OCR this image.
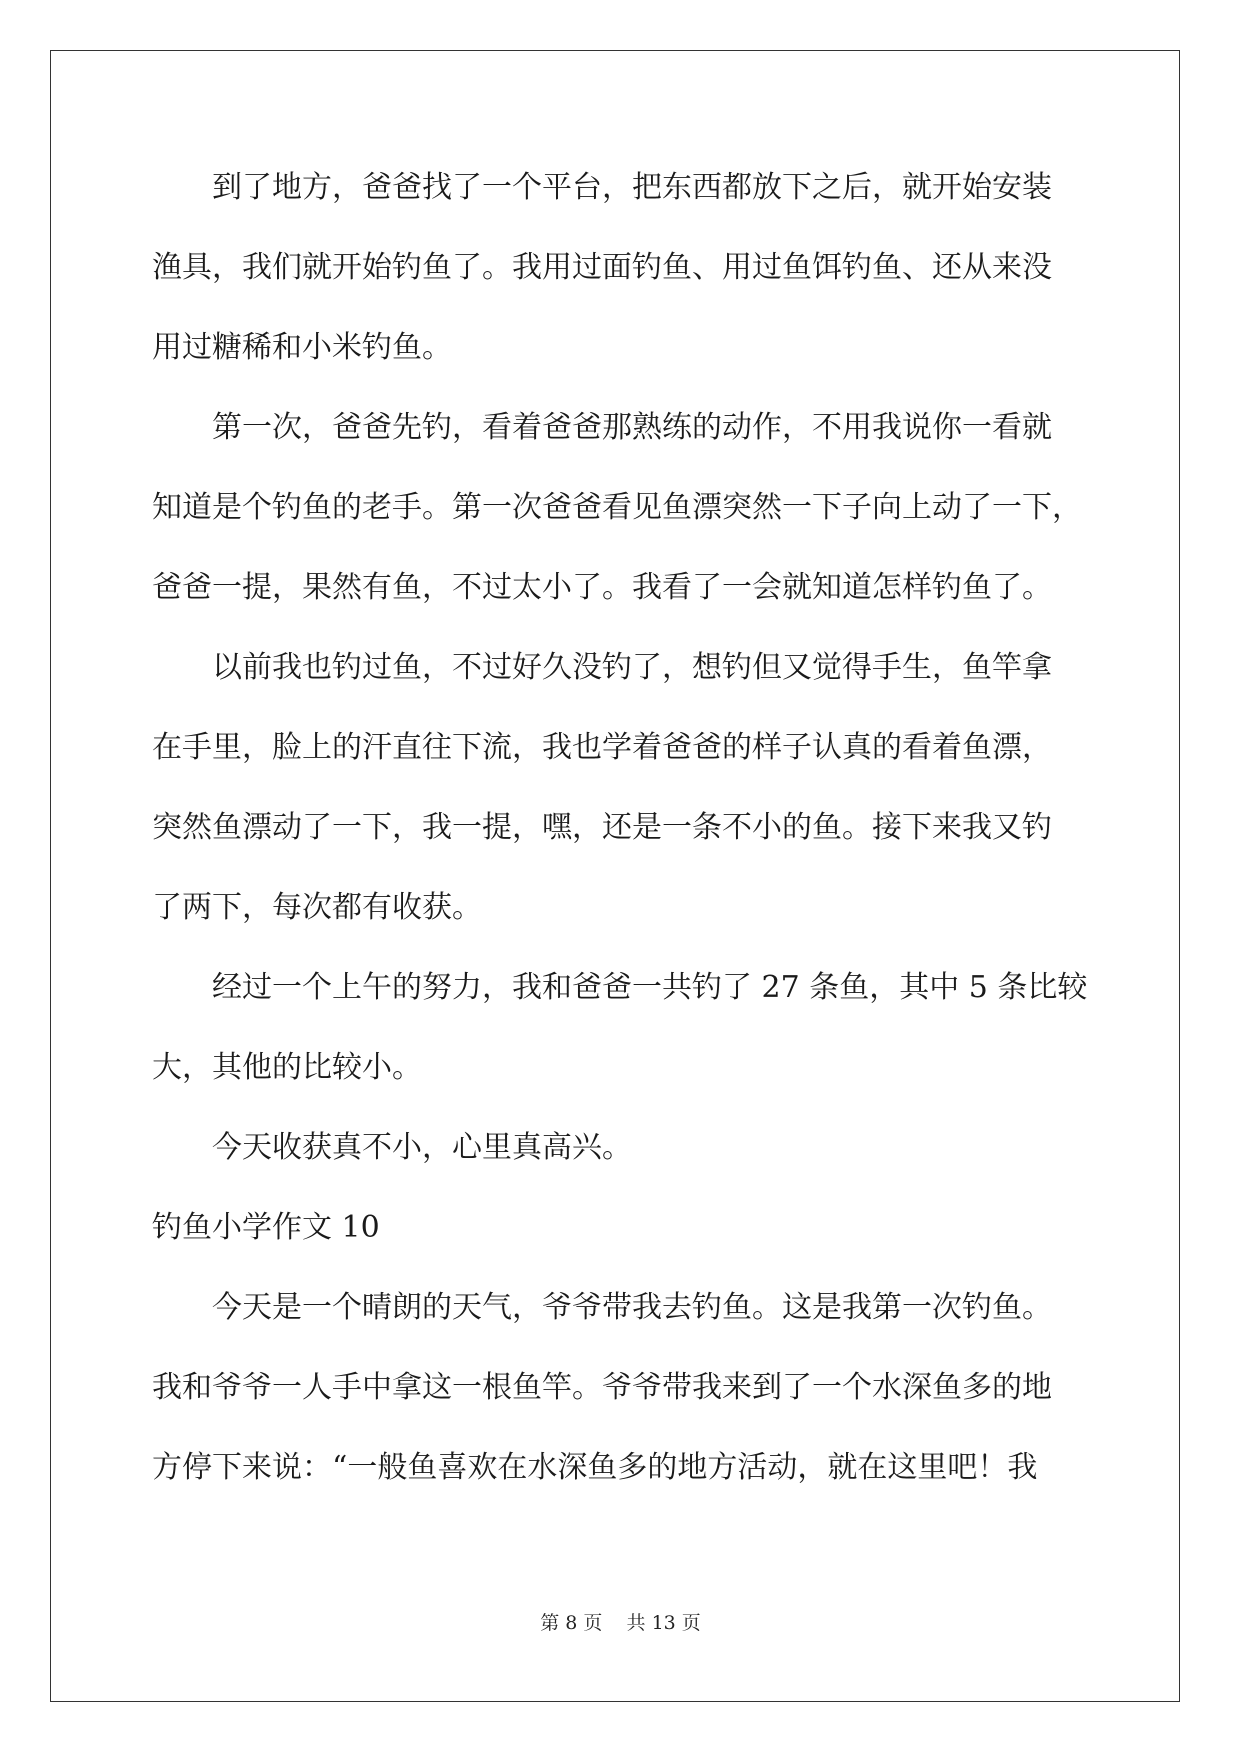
　　到了地方，爸爸找了一个平台，把东西都放下之后，就开始安装
渔具，我们就开始钓鱼了。我用过面钓鱼、用过鱼饵钓鱼、还从来没
用过糖稀和小米钓鱼。
　　第一次，爸爸先钓，看着爸爸那熟练的动作，不用我说你一看就
知道是个钓鱼的老手。第一次爸爸看见鱼漂突然一下子向上动了一下，
爸爸一提，果然有鱼，不过太小了。我看了一会就知道怎样钓鱼了。
　　以前我也钓过鱼，不过好久没钓了，想钓但又觉得手生，鱼竿拿
在手里，脸上的汗直往下流，我也学着爸爸的样子认真的看着鱼漂，
突然鱼漂动了一下，我一提，嘿，还是一条不小的鱼。接下来我又钓
了两下，每次都有收获。
　　经过一个上午的努力，我和爸爸一共钓了 27 条鱼，其中 5 条比较
大，其他的比较小。
　　今天收获真不小，心里真高兴。
钓鱼小学作文 10
　　今天是一个晴朗的天气，爷爷带我去钓鱼。这是我第一次钓鱼。
我和爷爷一人手中拿这一根鱼竿。爷爷带我来到了一个水深鱼多的地
方停下来说：“一般鱼喜欢在水深鱼多的地方活动，就在这里吧！我
第 8 页 共 13 页
